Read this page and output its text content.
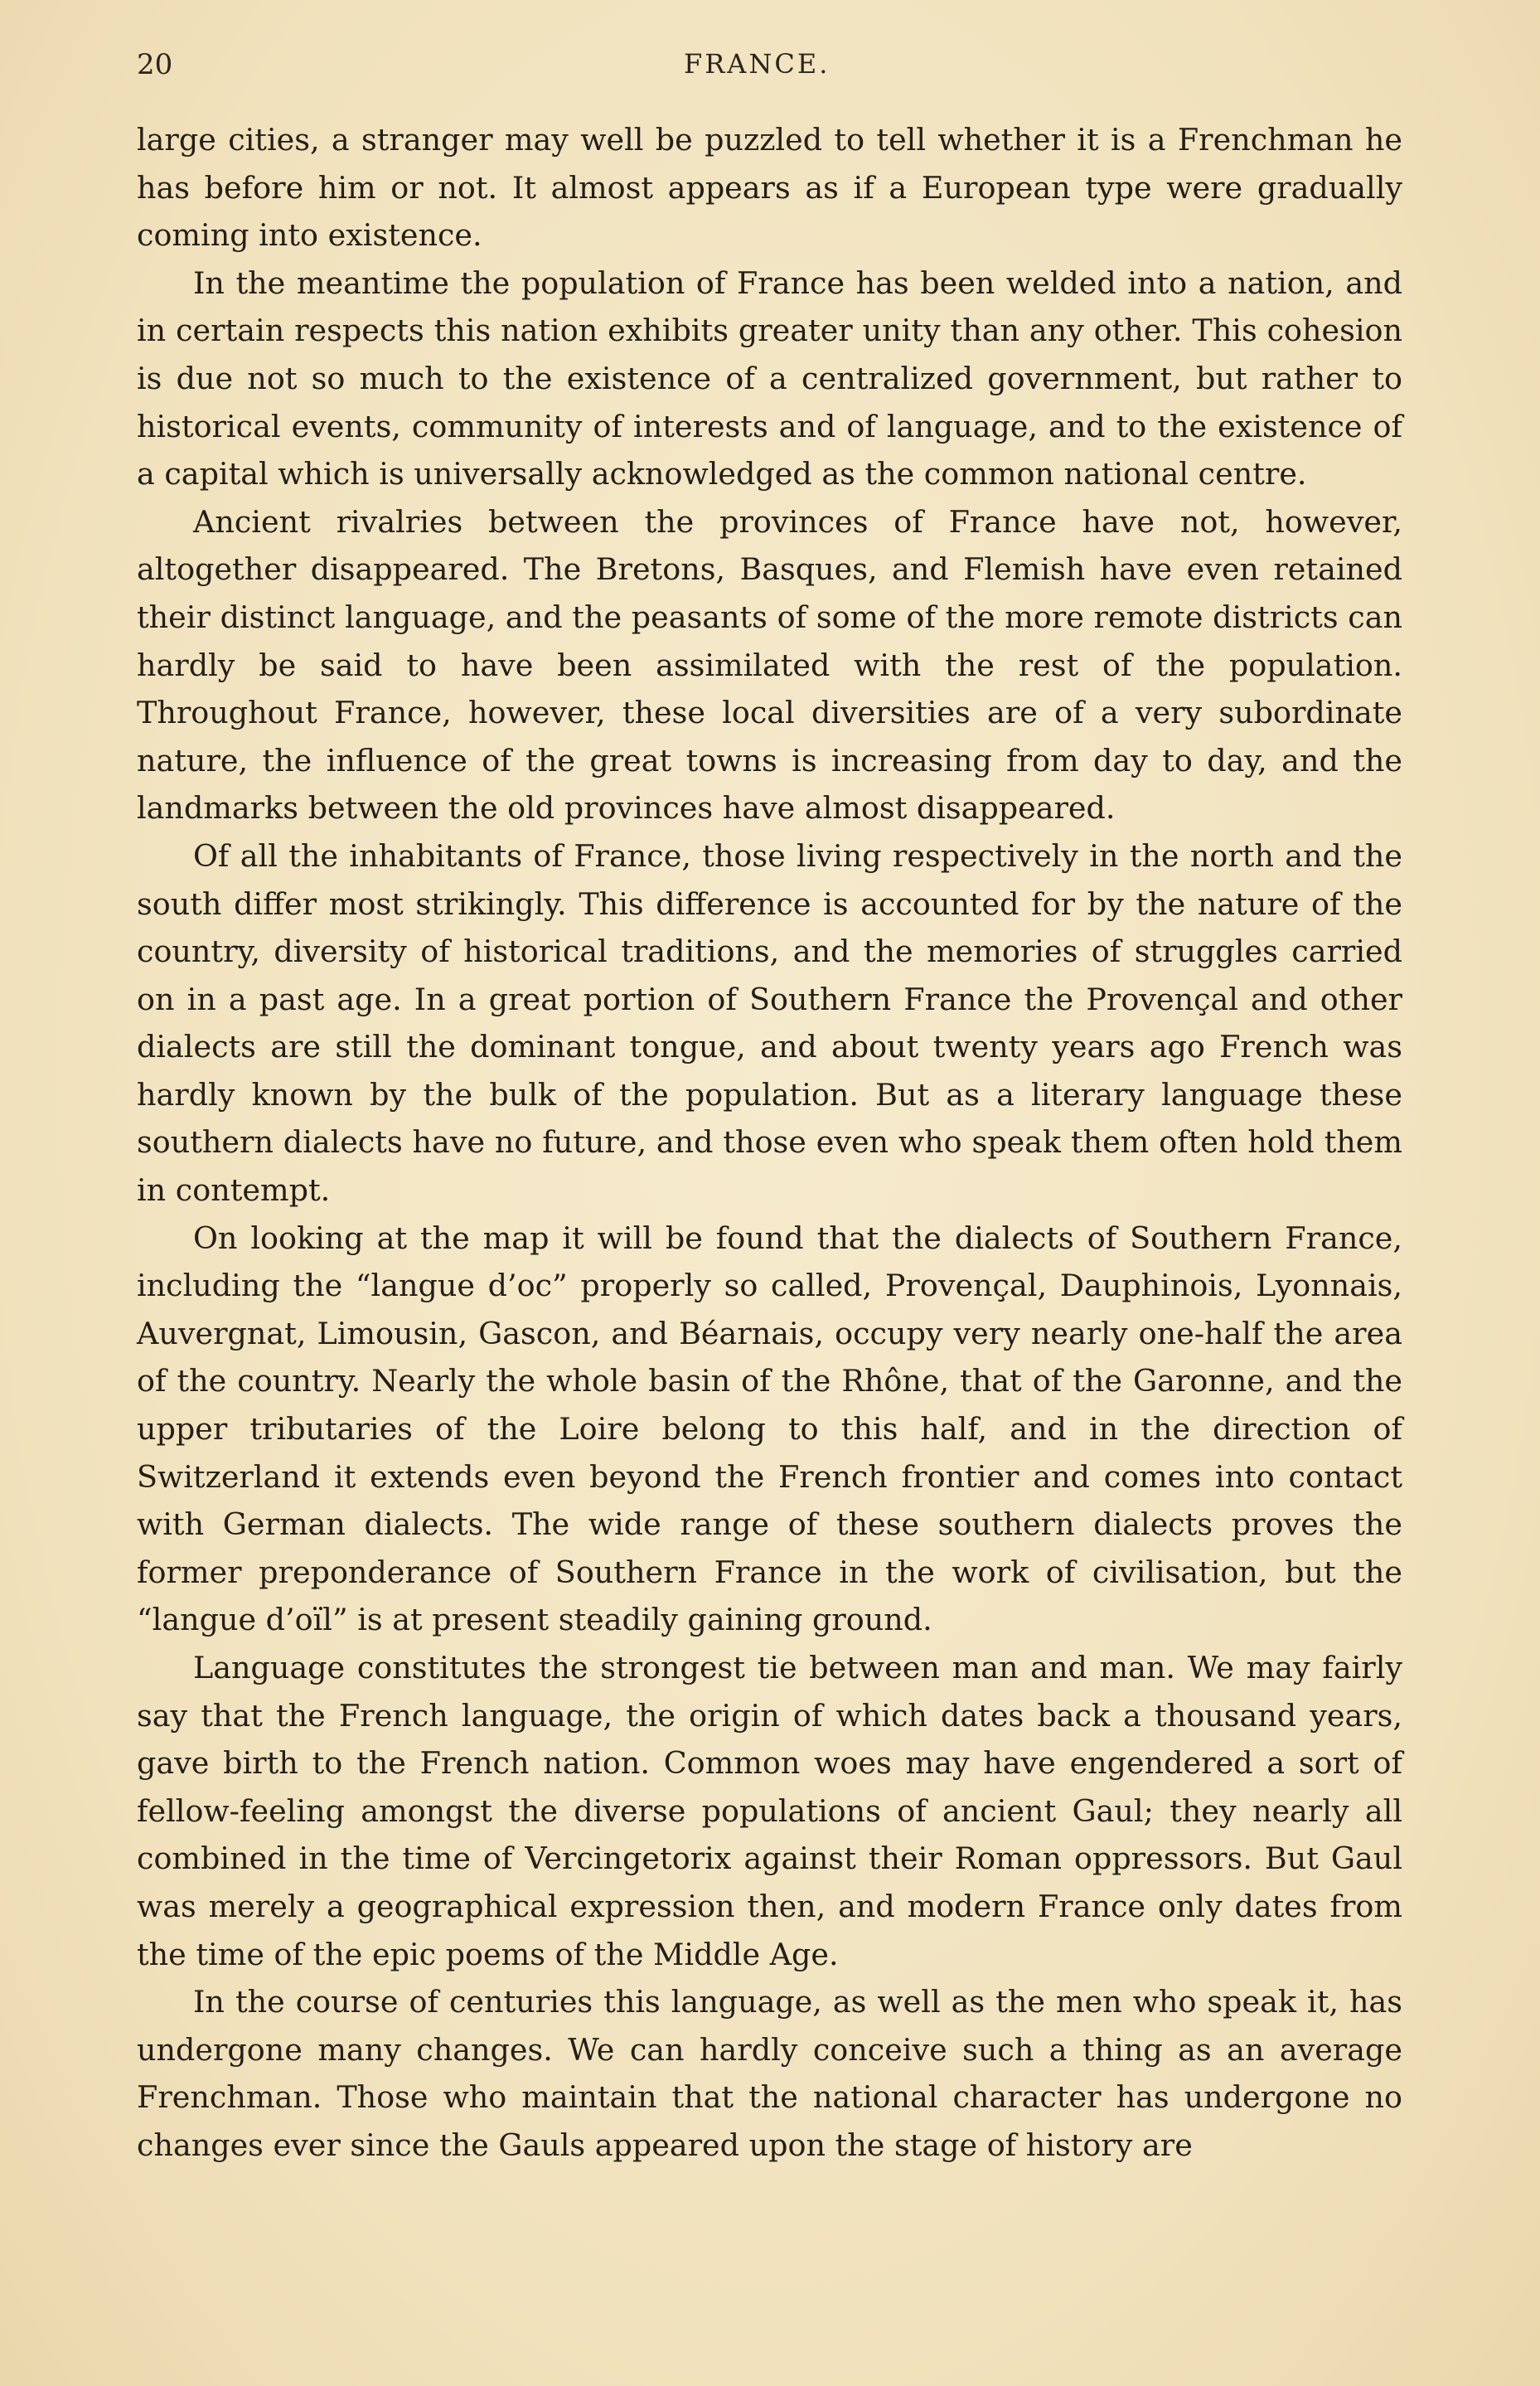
20	FRANCE.

large cities, a stranger may well be puzzled to tell whether it is a Frenchman he has before him or not. It almost appears as if a European type were gradually coming into existence.

In the meantime the population of France has been welded into a nation, and in certain respects this nation exhibits greater unity than any other. This cohesion is due not so much to the existence of a centralized government, but rather to historical events, community of interests and of language, and to the existence of a capital which is universally acknowledged as the common national centre.

Ancient rivalries between the provinces of France have not, however, altogether disappeared. The Bretons, Basques, and Flemish have even retained their distinct language, and the peasants of some of the more remote districts can hardly be said to have been assimilated with the rest of the population. Throughout France, however, these local diversities are of a very subordinate nature, the influence of the great towns is increasing from day to day, and the landmarks between the old provinces have almost disappeared.

Of all the inhabitants of France, those living respectively in the north and the south differ most strikingly. This difference is accounted for by the nature of the country, diversity of historical traditions, and the memories of struggles carried on in a past age. In a great portion of Southern France the Provençal and other dialects are still the dominant tongue, and about twenty years ago French was hardly known by the bulk of the population. But as a literary language these southern dialects have no future, and those even who speak them often hold them in contempt.

On looking at the map it will be found that the dialects of Southern France, including the “langue d’oc” properly so called, Provençal, Dauphinois, Lyonnais, Auvergnat, Limousin, Gascon, and Béarnais, occupy very nearly one-half the area of the country. Nearly the whole basin of the Rhône, that of the Garonne, and the upper tributaries of the Loire belong to this half, and in the direction of Switzerland it extends even beyond the French frontier and comes into contact with German dialects. The wide range of these southern dialects proves the former preponderance of Southern France in the work of civilisation, but the “langue d’oïl” is at present steadily gaining ground.

Language constitutes the strongest tie between man and man. We may fairly say that the French language, the origin of which dates back a thousand years, gave birth to the French nation. Common woes may have engendered a sort of fellow-feeling amongst the diverse populations of ancient Gaul; they nearly all combined in the time of Vercingetorix against their Roman oppressors. But Gaul was merely a geographical expression then, and modern France only dates from the time of the epic poems of the Middle Age.

In the course of centuries this language, as well as the men who speak it, has undergone many changes. We can hardly conceive such a thing as an average Frenchman. Those who maintain that the national character has undergone no changes ever since the Gauls appeared upon the stage of history are
